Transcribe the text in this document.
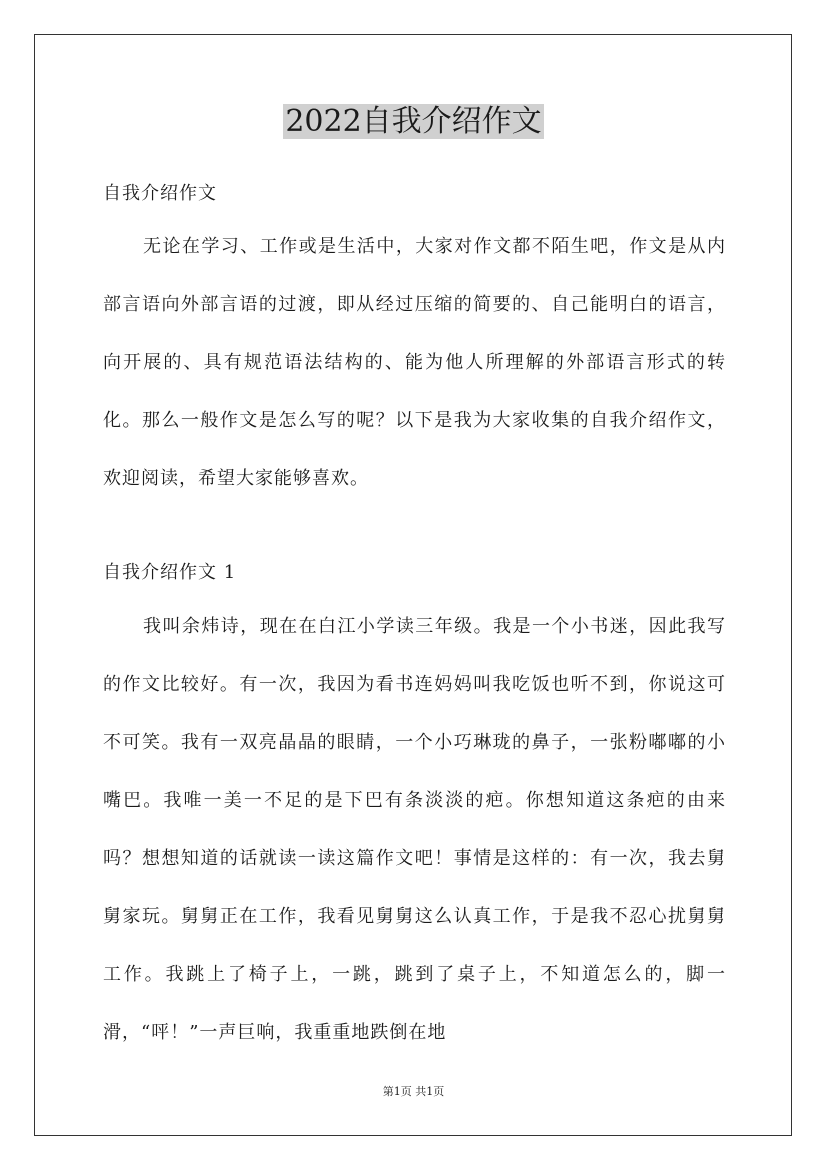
2022自我介绍作文
自我介绍作文

无论在学习、工作或是生活中，大家对作文都不陌生吧，作文是从内部言语向外部言语的过渡，即从经过压缩的简要的、自己能明白的语言，向开展的、具有规范语法结构的、能为他人所理解的外部语言形式的转化。那么一般作文是怎么写的呢？以下是我为大家收集的自我介绍作文，欢迎阅读，希望大家能够喜欢。

自我介绍作文 1

我叫余炜诗，现在在白江小学读三年级。我是一个小书迷，因此我写的作文比较好。有一次，我因为看书连妈妈叫我吃饭也听不到，你说这可不可笑。我有一双亮晶晶的眼睛，一个小巧琳珑的鼻子，一张粉嘟嘟的小嘴巴。我唯一美一不足的是下巴有条淡淡的疤。你想知道这条疤的由来吗？想想知道的话就读一读这篇作文吧！事情是这样的：有一次，我去舅舅家玩。舅舅正在工作，我看见舅舅这么认真工作，于是我不忍心扰舅舅工作。我跳上了椅子上，一跳，跳到了桌子上，不知道怎么的，脚一滑，“呯！”一声巨响，我重重地跌倒在地

第1页 共1页
